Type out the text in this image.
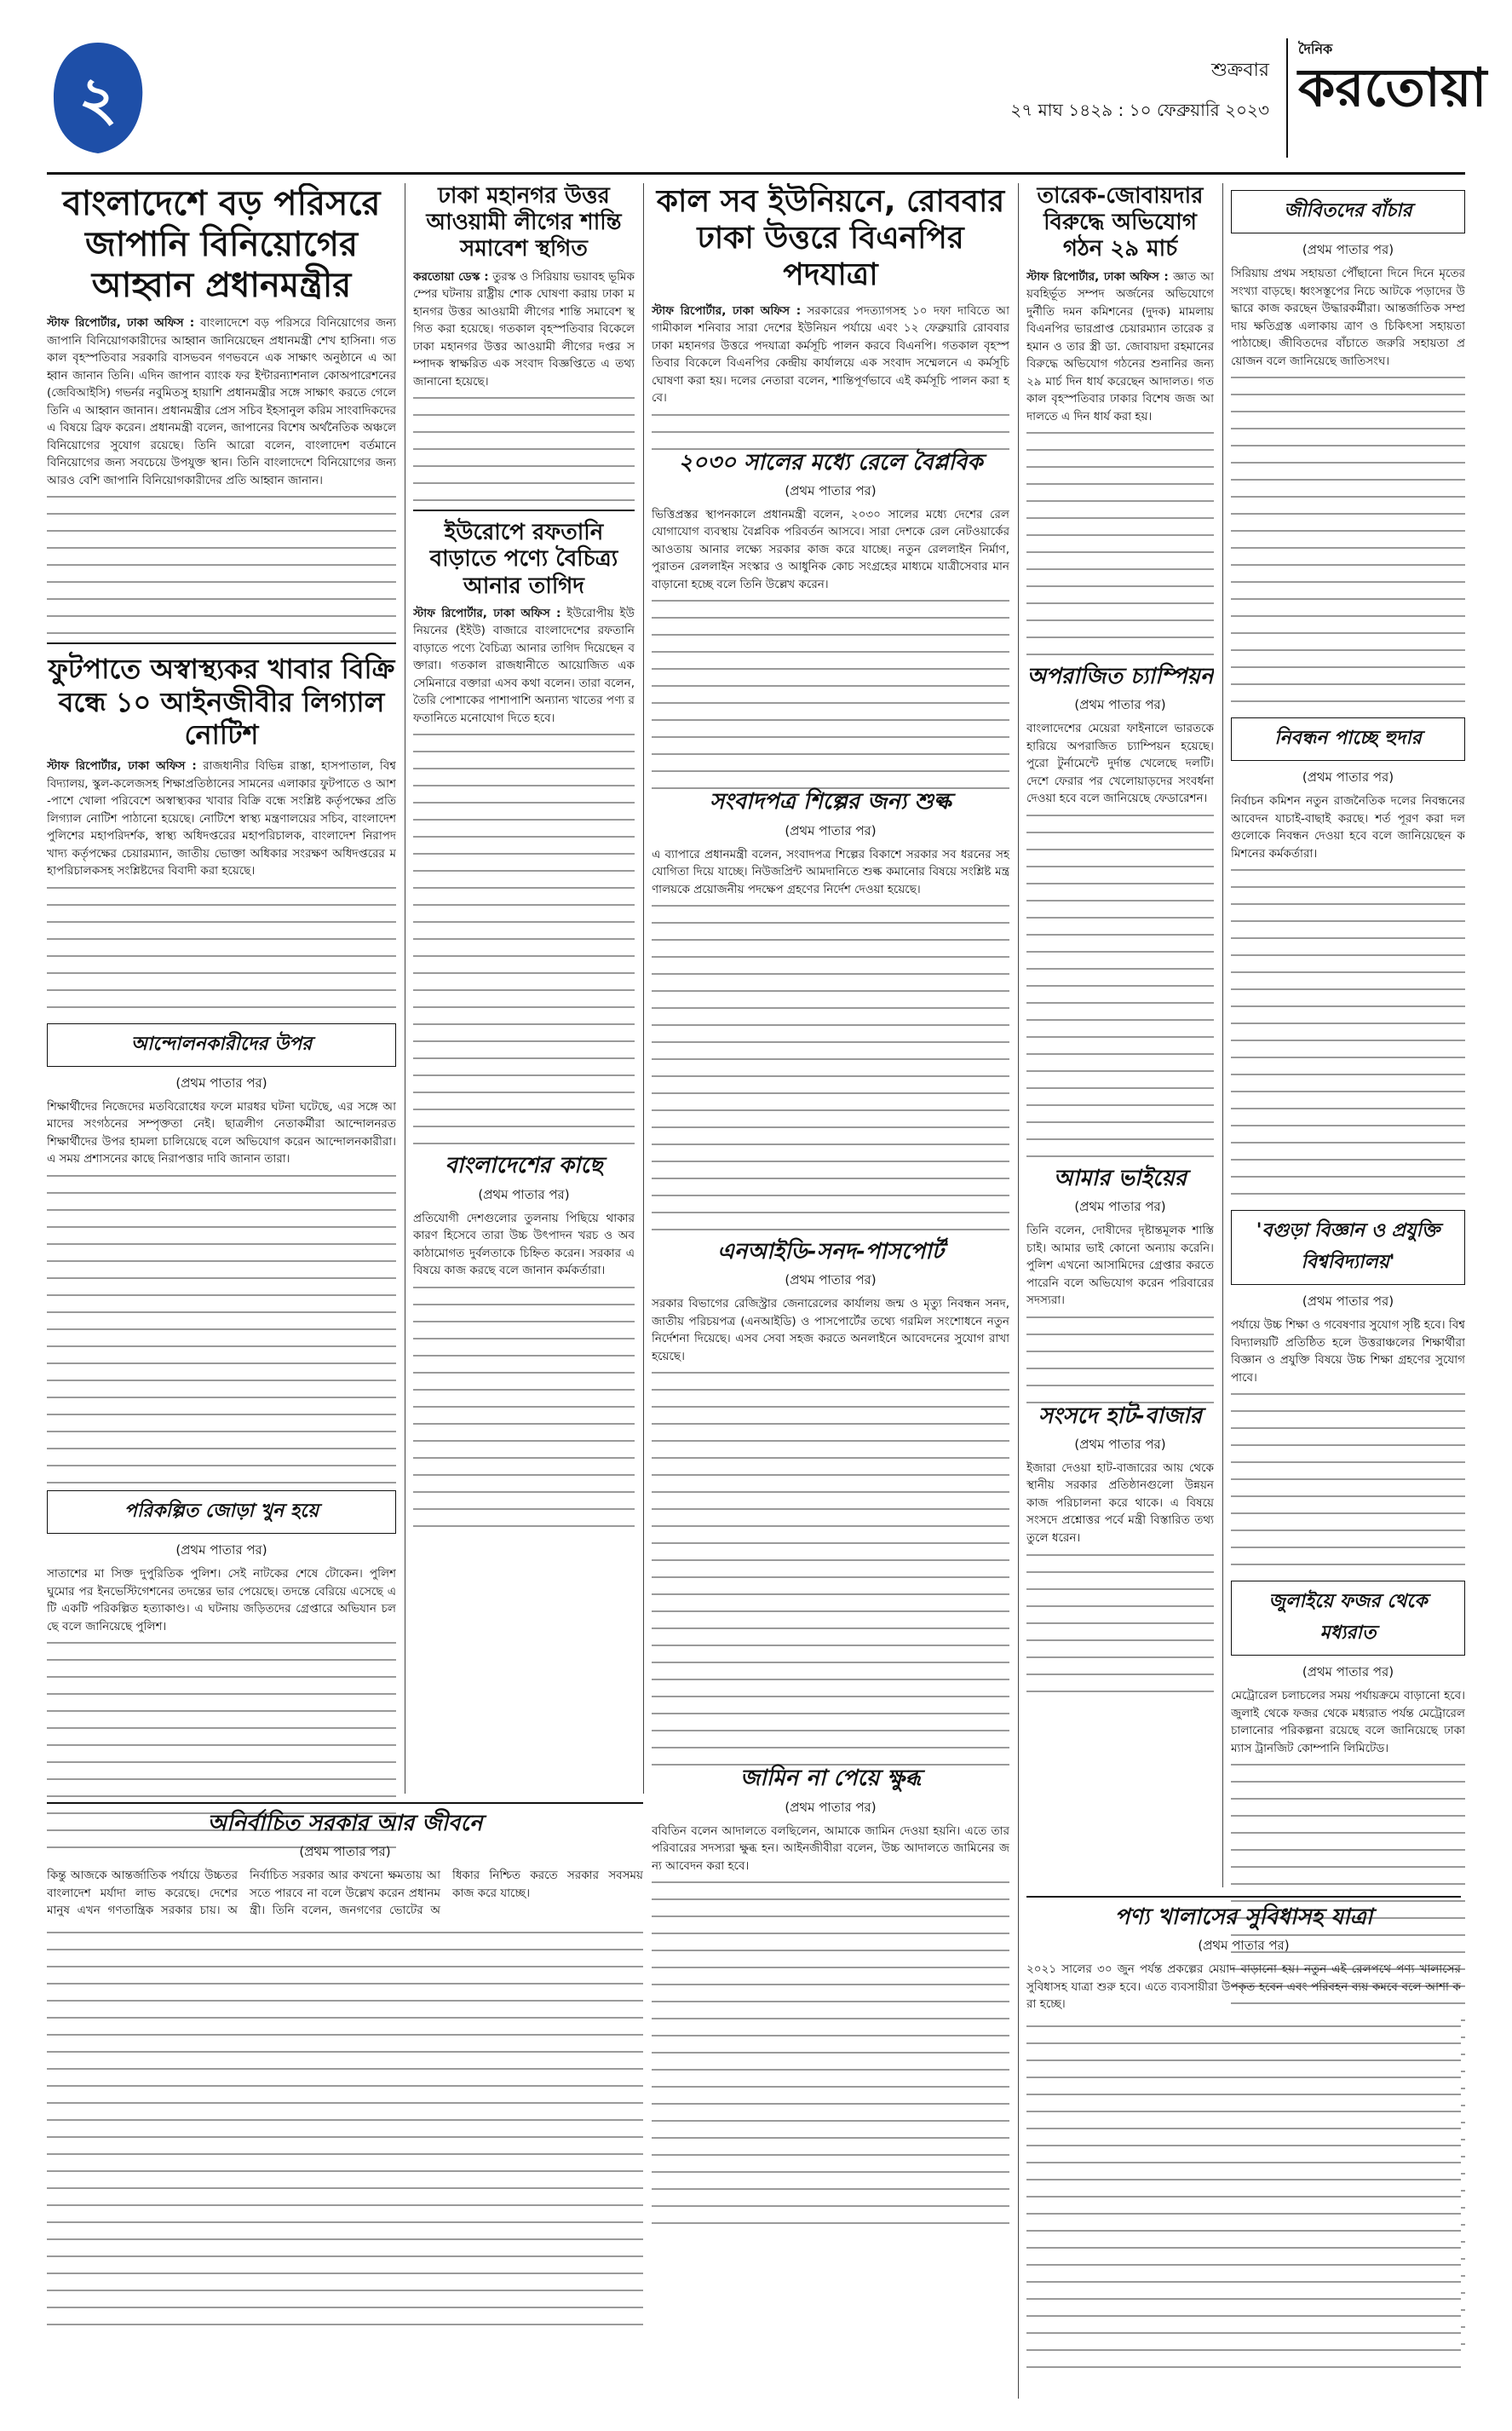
২	শুক্রবার
২৭ মাঘ ১৪২৯ : ১০ ফেব্রুয়ারি ২০২৩
দৈনিক
করতোয়া
বাংলাদেশে বড় পরিসরে জাপানি বিনিয়োগের আহ্বান প্রধানমন্ত্রীর
স্টাফ রিপোর্টার, ঢাকা অফিস : বাংলাদেশে বড় পরিসরে বিনিয়োগের জন্য জাপানি বিনিয়োগকারীদের আহ্বান জানিয়েছেন প্রধানমন্ত্রী শেখ হাসিনা। গতকাল বৃহস্পতিবার সরকারি বাসভবন গণভবনে এক সাক্ষাৎ অনুষ্ঠানে এ আহ্বান জানান তিনি। এদিন জাপান ব্যাংক ফর ইন্টারন্যাশনাল কোঅপারেশনের (জেবিআইসি) গভর্নর নবুমিতসু হায়াশি প্রধানমন্ত্রীর সঙ্গে সাক্ষাৎ করতে গেলে তিনি এ আহ্বান জানান। প্রধানমন্ত্রীর প্রেস সচিব ইহসানুল করিম সাংবাদিকদের এ বিষয়ে ব্রিফ করেন। প্রধানমন্ত্রী বলেন, জাপানের বিশেষ অর্থনৈতিক অঞ্চলে বিনিয়োগের সুযোগ রয়েছে। তিনি আরো বলেন, বাংলাদেশ বর্তমানে বিনিয়োগের জন্য সবচেয়ে উপযুক্ত স্থান। তিনি বাংলাদেশে বিনিয়োগের জন্য আরও বেশি জাপানি বিনিয়োগকারীদের প্রতি আহ্বান জানান।
ফুটপাতে অস্বাস্থ্যকর খাবার বিক্রি বন্ধে ১০ আইনজীবীর লিগ্যাল নোটিশ
স্টাফ রিপোর্টার, ঢাকা অফিস : রাজধানীর বিভিন্ন রাস্তা, হাসপাতাল, বিশ্ববিদ্যালয়, স্কুল-কলেজসহ শিক্ষাপ্রতিষ্ঠানের সামনের এলাকার ফুটপাতে ও আশ-পাশে খোলা পরিবেশে অস্বাস্থ্যকর খাবার বিক্রি বন্ধে সংশ্লিষ্ট কর্তৃপক্ষের প্রতি লিগ্যাল নোটিশ পাঠানো হয়েছে। নোটিশে স্বাস্থ্য মন্ত্রণালয়ের সচিব, বাংলাদেশ পুলিশের মহাপরিদর্শক, স্বাস্থ্য অধিদপ্তরের মহাপরিচালক, বাংলাদেশ নিরাপদ খাদ্য কর্তৃপক্ষের চেয়ারম্যান, জাতীয় ভোক্তা অধিকার সংরক্ষণ অধিদপ্তরের মহাপরিচালকসহ সংশ্লিষ্টদের বিবাদী করা হয়েছে।
আন্দোলনকারীদের উপর
(প্রথম পাতার পর)
শিক্ষার্থীদের নিজেদের মতবিরোধের ফলে মারধর ঘটনা ঘটেছে, এর সঙ্গে আমাদের সংগঠনের সম্পৃক্ততা নেই। ছাত্রলীগ নেতাকর্মীরা আন্দোলনরত শিক্ষার্থীদের উপর হামলা চালিয়েছে বলে অভিযোগ করেন আন্দোলনকারীরা। এ সময় প্রশাসনের কাছে নিরাপত্তার দাবি জানান তারা।
পরিকল্পিত জোড়া খুন হয়ে
(প্রথম পাতার পর)
সাতাশের মা সিক্ত দুপুরিতিক পুলিশ। সেই নাটকের শেষে টোকেন। পুলিশ ঘুমোর পর ইনভেস্টিগেশনের তদন্তের ভার পেয়েছে। তদন্তে বেরিয়ে এসেছে এটি একটি পরিকল্পিত হত্যাকাণ্ড। এ ঘটনায় জড়িতদের গ্রেপ্তারে অভিযান চলছে বলে জানিয়েছে পুলিশ।
ঢাকা মহানগর উত্তর আওয়ামী লীগের শান্তি সমাবেশ স্থগিত
করতোয়া ডেস্ক : তুরস্ক ও সিরিয়ায় ভয়াবহ ভূমিকম্পের ঘটনায় রাষ্ট্রীয় শোক ঘোষণা করায় ঢাকা মহানগর উত্তর আওয়ামী লীগের শান্তি সমাবেশ স্থগিত করা হয়েছে। গতকাল বৃহস্পতিবার বিকেলে ঢাকা মহানগর উত্তর আওয়ামী লীগের দপ্তর সম্পাদক স্বাক্ষরিত এক সংবাদ বিজ্ঞপ্তিতে এ তথ্য জানানো হয়েছে।
ইউরোপে রফতানি বাড়াতে পণ্যে বৈচিত্র্য আনার তাগিদ
স্টাফ রিপোর্টার, ঢাকা অফিস : ইউরোপীয় ইউনিয়নের (ইইউ) বাজারে বাংলাদেশের রফতানি বাড়াতে পণ্যে বৈচিত্র্য আনার তাগিদ দিয়েছেন বক্তারা। গতকাল রাজধানীতে আয়োজিত এক সেমিনারে বক্তারা এসব কথা বলেন। তারা বলেন, তৈরি পোশাকের পাশাপাশি অন্যান্য খাতের পণ্য রফতানিতে মনোযোগ দিতে হবে।
বাংলাদেশের কাছে
(প্রথম পাতার পর)
প্রতিযোগী দেশগুলোর তুলনায় পিছিয়ে থাকার কারণ হিসেবে তারা উচ্চ উৎপাদন খরচ ও অবকাঠামোগত দুর্বলতাকে চিহ্নিত করেন। সরকার এ বিষয়ে কাজ করছে বলে জানান কর্মকর্তারা।
কাল সব ইউনিয়নে, রোববার ঢাকা উত্তরে বিএনপির পদযাত্রা
স্টাফ রিপোর্টার, ঢাকা অফিস : সরকারের পদত্যাগসহ ১০ দফা দাবিতে আগামীকাল শনিবার সারা দেশের ইউনিয়ন পর্যায়ে এবং ১২ ফেব্রুয়ারি রোববার ঢাকা মহানগর উত্তরে পদযাত্রা কর্মসূচি পালন করবে বিএনপি। গতকাল বৃহস্পতিবার বিকেলে বিএনপির কেন্দ্রীয় কার্যালয়ে এক সংবাদ সম্মেলনে এ কর্মসূচি ঘোষণা করা হয়। দলের নেতারা বলেন, শান্তিপূর্ণভাবে এই কর্মসূচি পালন করা হবে।
২০৩০ সালের মধ্যে রেলে বৈপ্লবিক
(প্রথম পাতার পর)
ভিত্তিপ্রস্তর স্থাপনকালে প্রধানমন্ত্রী বলেন, ২০৩০ সালের মধ্যে দেশের রেল যোগাযোগ ব্যবস্থায় বৈপ্লবিক পরিবর্তন আসবে। সারা দেশকে রেল নেটওয়ার্কের আওতায় আনার লক্ষ্যে সরকার কাজ করে যাচ্ছে। নতুন রেললাইন নির্মাণ, পুরাতন রেললাইন সংস্কার ও আধুনিক কোচ সংগ্রহের মাধ্যমে যাত্রীসেবার মান বাড়ানো হচ্ছে বলে তিনি উল্লেখ করেন।
সংবাদপত্র শিল্পের জন্য শুল্ক
(প্রথম পাতার পর)
এ ব্যাপারে প্রধানমন্ত্রী বলেন, সংবাদপত্র শিল্পের বিকাশে সরকার সব ধরনের সহযোগিতা দিয়ে যাচ্ছে। নিউজপ্রিন্ট আমদানিতে শুল্ক কমানোর বিষয়ে সংশ্লিষ্ট মন্ত্রণালয়কে প্রয়োজনীয় পদক্ষেপ গ্রহণের নির্দেশ দেওয়া হয়েছে।
এনআইডি-সনদ-পাসপোর্ট
(প্রথম পাতার পর)
সরকার বিভাগের রেজিস্ট্রার জেনারেলের কার্যালয় জন্ম ও মৃত্যু নিবন্ধন সনদ, জাতীয় পরিচয়পত্র (এনআইডি) ও পাসপোর্টের তথ্যে গরমিল সংশোধনে নতুন নির্দেশনা দিয়েছে। এসব সেবা সহজ করতে অনলাইনে আবেদনের সুযোগ রাখা হয়েছে।
জামিন না পেয়ে ক্ষুব্ধ
(প্রথম পাতার পর)
ববিতিন বলেন আদালতে বলছিলেন, আমাকে জামিন দেওয়া হয়নি। এতে তার পরিবারের সদস্যরা ক্ষুব্ধ হন। আইনজীবীরা বলেন, উচ্চ আদালতে জামিনের জন্য আবেদন করা হবে।
তারেক-জোবায়দার বিরুদ্ধে অভিযোগ গঠন ২৯ মার্চ
স্টাফ রিপোর্টার, ঢাকা অফিস : জ্ঞাত আয়বহির্ভূত সম্পদ অর্জনের অভিযোগে দুর্নীতি দমন কমিশনের (দুদক) মামলায় বিএনপির ভারপ্রাপ্ত চেয়ারম্যান তারেক রহমান ও তার স্ত্রী ডা. জোবায়দা রহমানের বিরুদ্ধে অভিযোগ গঠনের শুনানির জন্য ২৯ মার্চ দিন ধার্য করেছেন আদালত। গতকাল বৃহস্পতিবার ঢাকার বিশেষ জজ আদালতে এ দিন ধার্য করা হয়।
অপরাজিত চ্যাম্পিয়ন
(প্রথম পাতার পর)
বাংলাদেশের মেয়েরা ফাইনালে ভারতকে হারিয়ে অপরাজিত চ্যাম্পিয়ন হয়েছে। পুরো টুর্নামেন্টে দুর্দান্ত খেলেছে দলটি। দেশে ফেরার পর খেলোয়াড়দের সংবর্ধনা দেওয়া হবে বলে জানিয়েছে ফেডারেশন।
আমার ভাইয়ের
(প্রথম পাতার পর)
তিনি বলেন, দোষীদের দৃষ্টান্তমূলক শাস্তি চাই। আমার ভাই কোনো অন্যায় করেনি। পুলিশ এখনো আসামিদের গ্রেপ্তার করতে পারেনি বলে অভিযোগ করেন পরিবারের সদস্যরা।
সংসদে হাট-বাজার
(প্রথম পাতার পর)
ইজারা দেওয়া হাট-বাজারের আয় থেকে স্থানীয় সরকার প্রতিষ্ঠানগুলো উন্নয়ন কাজ পরিচালনা করে থাকে। এ বিষয়ে সংসদে প্রশ্নোত্তর পর্বে মন্ত্রী বিস্তারিত তথ্য তুলে ধরেন।
জীবিতদের বাঁচার
(প্রথম পাতার পর)
সিরিয়ায় প্রথম সহায়তা পৌঁছানো দিনে দিনে মৃতের সংখ্যা বাড়ছে। ধ্বংসস্তূপের নিচে আটকে পড়াদের উদ্ধারে কাজ করছেন উদ্ধারকর্মীরা। আন্তর্জাতিক সম্প্রদায় ক্ষতিগ্রস্ত এলাকায় ত্রাণ ও চিকিৎসা সহায়তা পাঠাচ্ছে। জীবিতদের বাঁচাতে জরুরি সহায়তা প্রয়োজন বলে জানিয়েছে জাতিসংঘ।
নিবন্ধন পাচ্ছে হুদার
(প্রথম পাতার পর)
নির্বাচন কমিশন নতুন রাজনৈতিক দলের নিবন্ধনের আবেদন যাচাই-বাছাই করছে। শর্ত পূরণ করা দলগুলোকে নিবন্ধন দেওয়া হবে বলে জানিয়েছেন কমিশনের কর্মকর্তারা।
'বগুড়া বিজ্ঞান ও প্রযুক্তি বিশ্ববিদ্যালয়'
(প্রথম পাতার পর)
পর্যায়ে উচ্চ শিক্ষা ও গবেষণার সুযোগ সৃষ্টি হবে। বিশ্ববিদ্যালয়টি প্রতিষ্ঠিত হলে উত্তরাঞ্চলের শিক্ষার্থীরা বিজ্ঞান ও প্রযুক্তি বিষয়ে উচ্চ শিক্ষা গ্রহণের সুযোগ পাবে।
জুলাইয়ে ফজর থেকে মধ্যরাত
(প্রথম পাতার পর)
মেট্রোরেল চলাচলের সময় পর্যায়ক্রমে বাড়ানো হবে। জুলাই থেকে ফজর থেকে মধ্যরাত পর্যন্ত মেট্রোরেল চালানোর পরিকল্পনা রয়েছে বলে জানিয়েছে ঢাকা ম্যাস ট্রানজিট কোম্পানি লিমিটেড।
অনির্বাচিত সরকার আর জীবনে
(প্রথম পাতার পর)
কিন্তু আজকে আন্তর্জাতিক পর্যায়ে উচ্চতর বাংলাদেশ মর্যাদা লাভ করেছে। দেশের মানুষ এখন গণতান্ত্রিক সরকার চায়। অনির্বাচিত সরকার আর কখনো ক্ষমতায় আসতে পারবে না বলে উল্লেখ করেন প্রধানমন্ত্রী। তিনি বলেন, জনগণের ভোটের অধিকার নিশ্চিত করতে সরকার সবসময় কাজ করে যাচ্ছে।
পণ্য খালাসের সুবিধাসহ যাত্রা
(প্রথম পাতার পর)
২০২১ সালের ৩০ জুন পর্যন্ত প্রকল্পের মেয়াদ বাড়ানো হয়। নতুন এই রেলপথে পণ্য খালাসের সুবিধাসহ যাত্রা শুরু হবে। এতে ব্যবসায়ীরা উপকৃত হবেন এবং পরিবহন ব্যয় কমবে বলে আশা করা হচ্ছে।
